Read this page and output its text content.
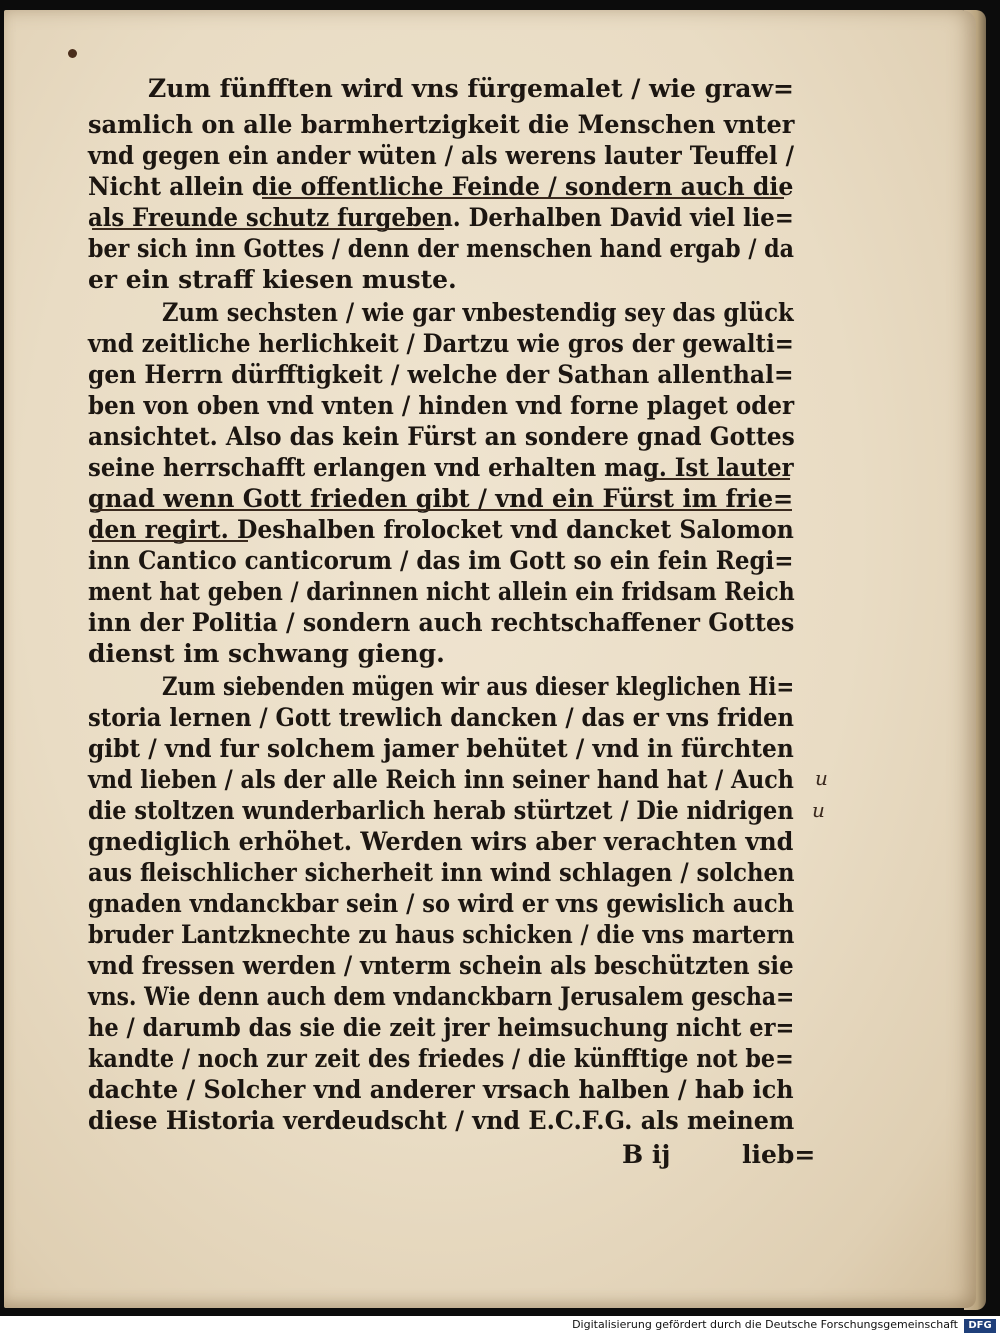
Zum fünfften wird vns fürgemalet / wie graw=
samlich on alle barmhertzigkeit die Menschen vnter
vnd gegen ein ander wüten / als werens lauter Teuffel /
Nicht allein die offentliche Feinde / sondern auch die
als Freunde schutz furgeben. Derhalben David viel lie=
ber sich inn Gottes / denn der menschen hand ergab / da
er ein straff kiesen muste.
Zum sechsten / wie gar vnbestendig sey das glück
vnd zeitliche herlichkeit / Dartzu wie gros der gewalti=
gen Herrn dürfftigkeit / welche der Sathan allenthal=
ben von oben vnd vnten / hinden vnd forne plaget oder
ansichtet. Also das kein Fürst an sondere gnad Gottes
seine herrschafft erlangen vnd erhalten mag. Ist lauter
gnad wenn Gott frieden gibt / vnd ein Fürst im frie=
den regirt. Deshalben frolocket vnd dancket Salomon
inn Cantico canticorum / das im Gott so ein fein Regi=
ment hat geben / darinnen nicht allein ein fridsam Reich
inn der Politia / sondern auch rechtschaffener Gottes
dienst im schwang gieng.
Zum siebenden mügen wir aus dieser kleglichen Hi=
storia lernen / Gott trewlich dancken / das er vns friden
gibt / vnd fur solchem jamer behütet / vnd in fürchten
vnd lieben / als der alle Reich inn seiner hand hat / Auch
die stoltzen wunderbarlich herab stürtzet / Die nidrigen
gnediglich erhöhet. Werden wirs aber verachten vnd
aus fleischlicher sicherheit inn wind schlagen / solchen
gnaden vndanckbar sein / so wird er vns gewislich auch
bruder Lantzknechte zu haus schicken / die vns martern
vnd fressen werden / vnterm schein als beschützten sie
vns. Wie denn auch dem vndanckbarn Jerusalem gescha=
he / darumb das sie die zeit jrer heimsuchung nicht er=
kandte / noch zur zeit des friedes / die künfftige not be=
dachte / Solcher vnd anderer vrsach halben / hab ich
diese Historia verdeudscht / vnd E.C.F.G. als meinem
B ij	lieb=
u
u
Digitalisierung gefördert durch die Deutsche Forschungsgemeinschaft	DFG
